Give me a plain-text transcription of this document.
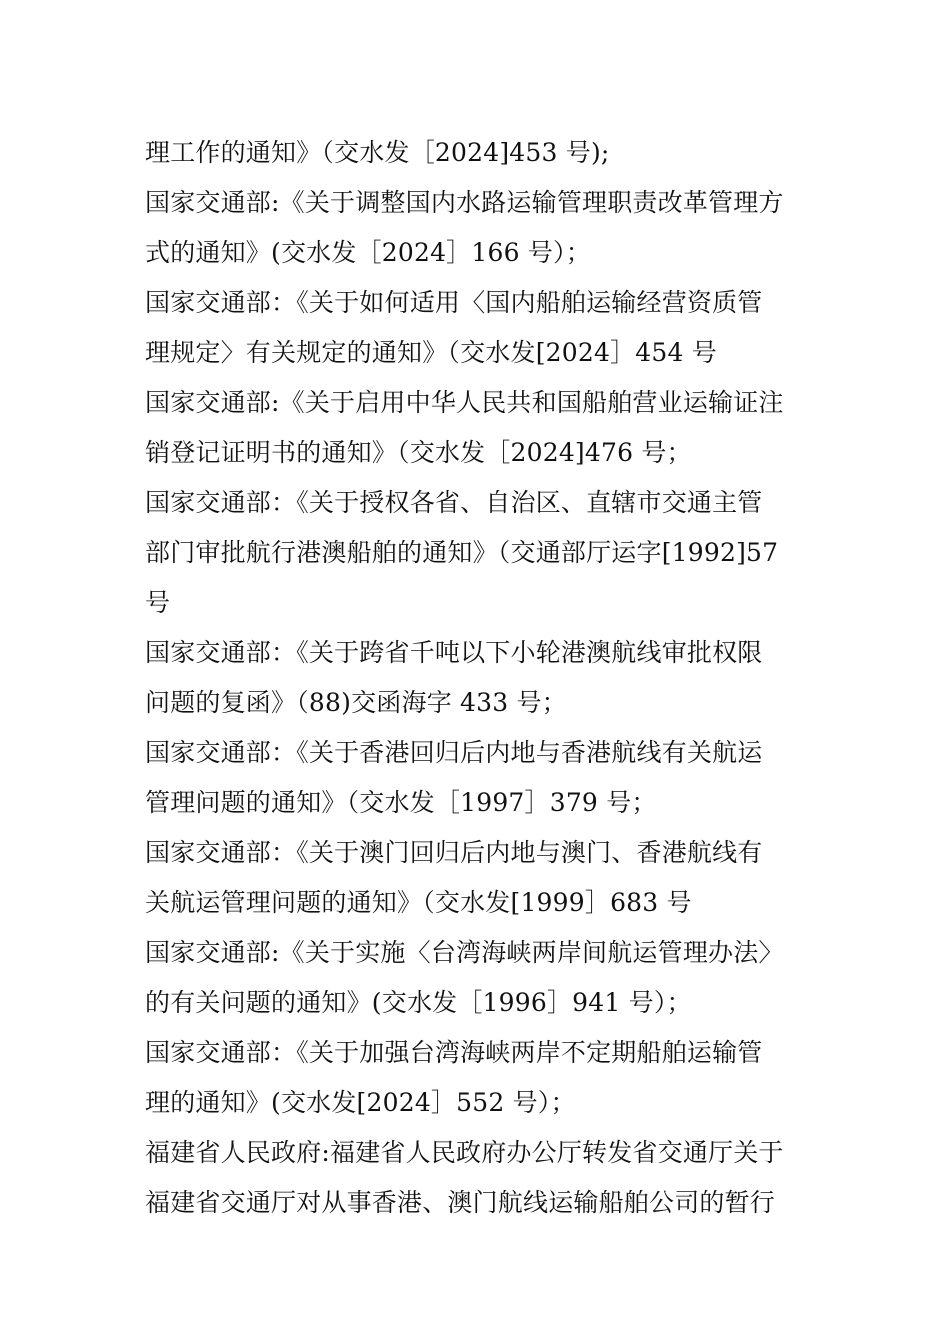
理工作的通知》（交水发［2024]453 号);
国家交通部:《关于调整国内水路运输管理职责改革管理方
式的通知》(交水发［2024］166 号）；
国家交通部：《关于如何适用〈国内船舶运输经营资质管
理规定〉有关规定的通知》（交水发[2024］454 号
国家交通部:《关于启用中华人民共和国船舶营业运输证注
销登记证明书的通知》（交水发［2024]476 号；
国家交通部：《关于授权各省、自治区、直辖市交通主管
部门审批航行港澳船舶的通知》（交通部厅运字[1992]57
号
国家交通部：《关于跨省千吨以下小轮港澳航线审批权限
问题的复函》（88)交函海字 433 号；
国家交通部：《关于香港回归后内地与香港航线有关航运
管理问题的通知》（交水发［1997］379 号；
国家交通部：《关于澳门回归后内地与澳门、香港航线有
关航运管理问题的通知》（交水发[1999］683 号
国家交通部:《关于实施〈台湾海峡两岸间航运管理办法〉
的有关问题的通知》(交水发［1996］941 号）；
国家交通部：《关于加强台湾海峡两岸不定期船舶运输管
理的通知》(交水发[2024］552 号）；
福建省人民政府:福建省人民政府办公厅转发省交通厅关于
福建省交通厅对从事香港、澳门航线运输船舶公司的暂行
